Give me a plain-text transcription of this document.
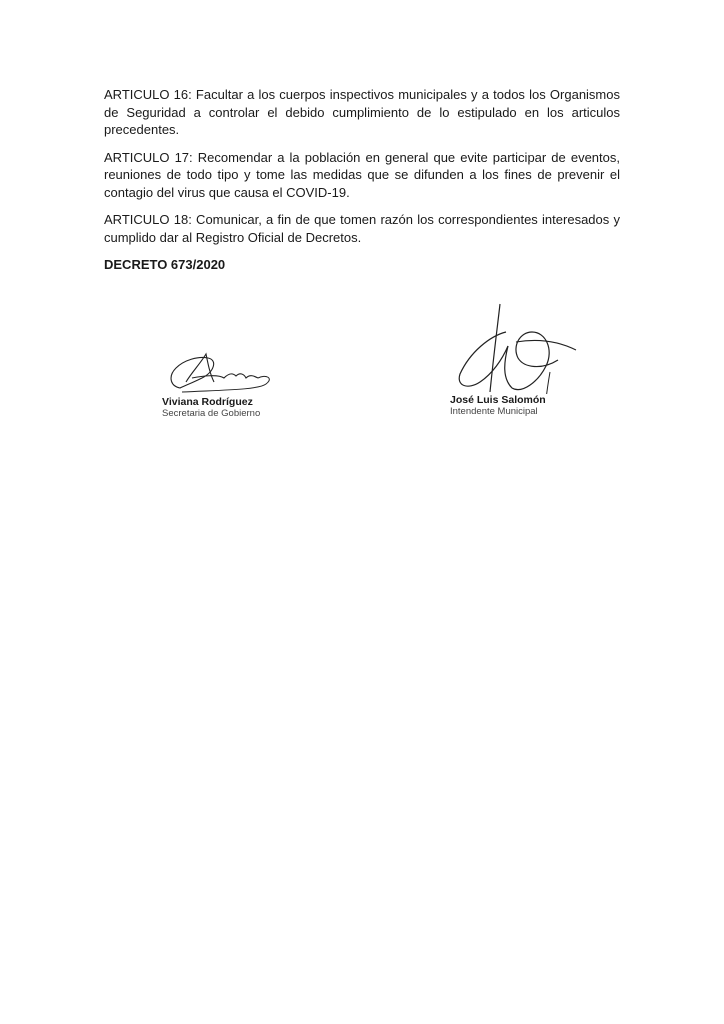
ARTICULO 16: Facultar a los cuerpos inspectivos municipales y a todos los Organismos de Seguridad a controlar el debido cumplimiento de lo estipulado en los articulos precedentes.

ARTICULO 17: Recomendar a la población en general que evite participar de eventos, reuniones de todo tipo y tome las medidas que se difunden a los fines de prevenir el contagio del virus que causa el COVID-19.

ARTICULO 18: Comunicar, a fin de que tomen razón los correspondientes interesados y cumplido dar al Registro Oficial de Decretos.

DECRETO 673/2020
Viviana Rodríguez
Secretaria de Gobierno
José Luis Salomón
Intendente Municipal
